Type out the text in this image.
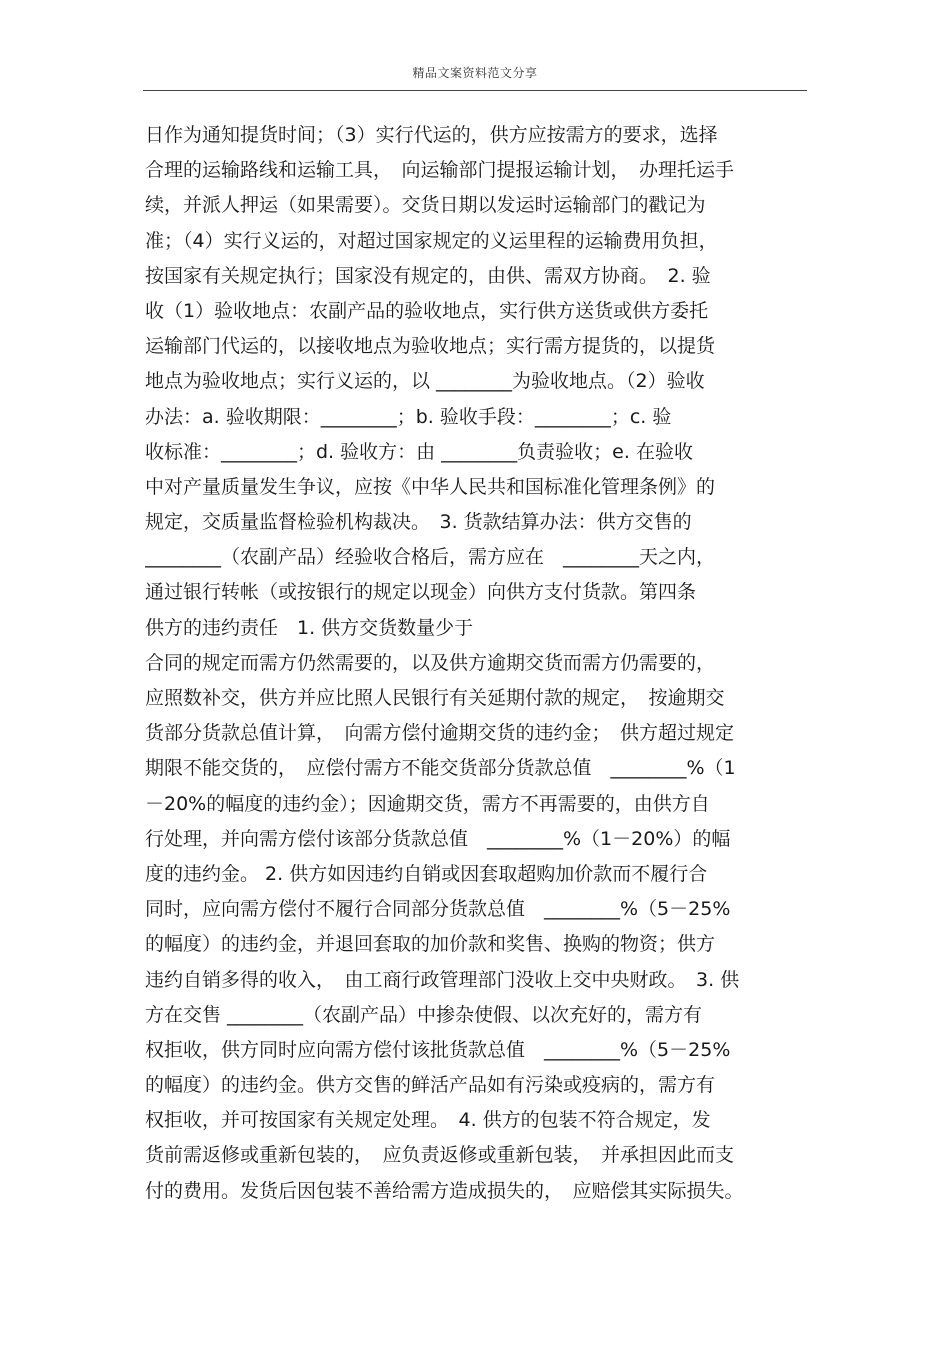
精品文案资料范文分享
日作为通知提货时间；（3）实行代运的，供方应按需方的要求，选择
合理的运输路线和运输工具，　向运输部门提报运输计划，　办理托运手
续，并派人押运（如果需要）。交货日期以发运时运输部门的戳记为
准；（4）实行义运的，对超过国家规定的义运里程的运输费用负担，
按国家有关规定执行；国家没有规定的，由供、需双方协商。　2. 验
收（1）验收地点：农副产品的验收地点，实行供方送货或供方委托
运输部门代运的，以接收地点为验收地点；实行需方提货的，以提货
地点为验收地点；实行义运的，以 ________为验收地点。（2）验收
办法：a. 验收期限：________；b. 验收手段：________；c. 验
收标准：________；d. 验收方：由 ________负责验收；e. 在验收
中对产量质量发生争议，应按《中华人民共和国标准化管理条例》的
规定，交质量监督检验机构裁决。　3. 货款结算办法：供方交售的
________（农副产品）经验收合格后，需方应在　________天之内，
通过银行转帐（或按银行的规定以现金）向供方支付货款。第四条
供方的违约责任　1. 供方交货数量少于
合同的规定而需方仍然需要的，以及供方逾期交货而需方仍需要的，
应照数补交，供方并应比照人民银行有关延期付款的规定，　按逾期交
货部分货款总值计算，　向需方偿付逾期交货的违约金；　供方超过规定
期限不能交货的，　应偿付需方不能交货部分货款总值　________%（1
－20%的幅度的违约金）；因逾期交货，需方不再需要的，由供方自
行处理，并向需方偿付该部分货款总值　________%（1－20%）的幅
度的违约金。 2. 供方如因违约自销或因套取超购加价款而不履行合
同时，应向需方偿付不履行合同部分货款总值　________%（5－25%
的幅度）的违约金，并退回套取的加价款和奖售、换购的物资；供方
违约自销多得的收入，　由工商行政管理部门没收上交中央财政。　3. 供
方在交售 ________（农副产品）中掺杂使假、以次充好的，需方有
权拒收，供方同时应向需方偿付该批货款总值　________%（5－25%
的幅度）的违约金。供方交售的鲜活产品如有污染或疫病的，需方有
权拒收，并可按国家有关规定处理。　4. 供方的包装不符合规定，发
货前需返修或重新包装的，　应负责返修或重新包装，　并承担因此而支
付的费用。发货后因包装不善给需方造成损失的，　应赔偿其实际损失。
